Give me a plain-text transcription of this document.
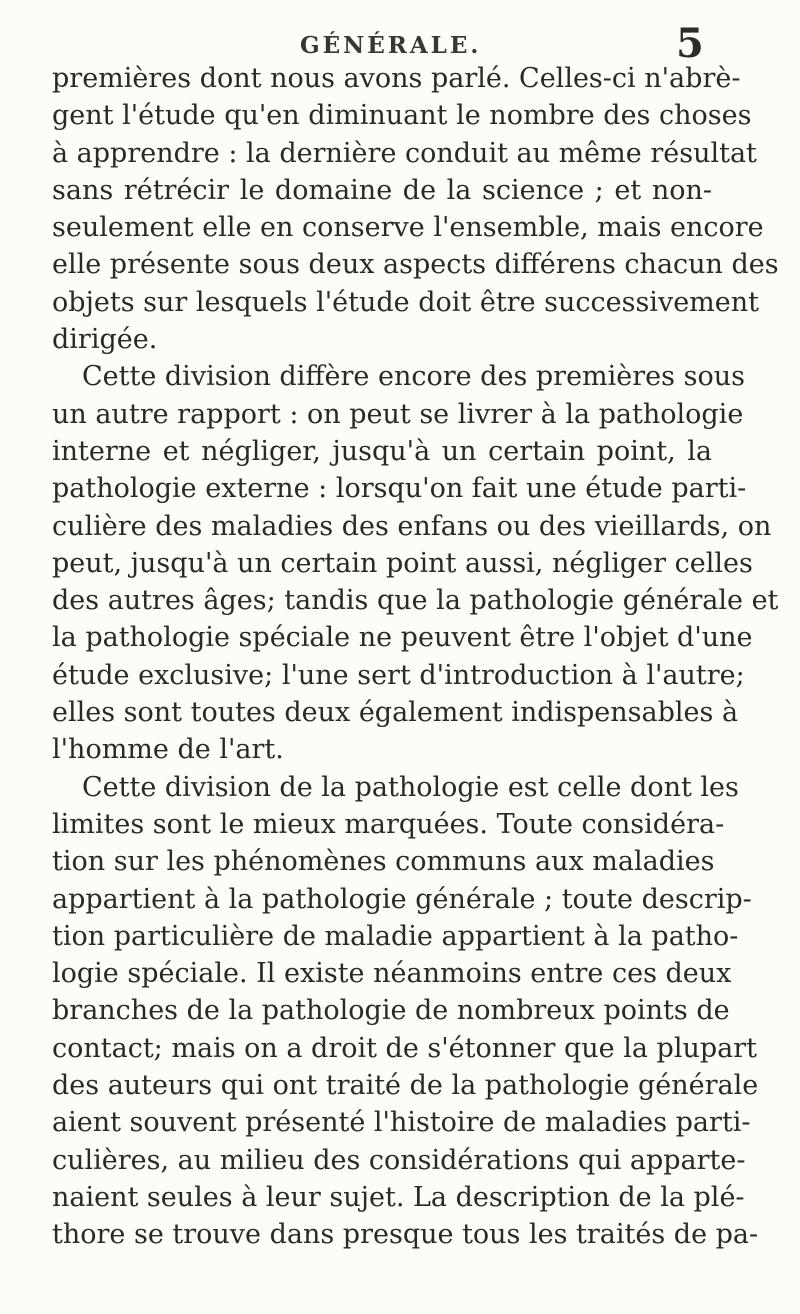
GÉNÉRALE.	5
premières dont nous avons parlé. Celles-ci n'abrè-
gent l'étude qu'en diminuant le nombre des choses
à apprendre : la dernière conduit au même résultat
sans rétrécir le domaine de la science ; et non-
seulement elle en conserve l'ensemble, mais encore
elle présente sous deux aspects différens chacun des
objets sur lesquels l'étude doit être successivement
dirigée.
Cette division diffère encore des premières sous
un autre rapport : on peut se livrer à la pathologie
interne et négliger, jusqu'à un certain point, la
pathologie externe : lorsqu'on fait une étude parti-
culière des maladies des enfans ou des vieillards, on
peut, jusqu'à un certain point aussi, négliger celles
des autres âges; tandis que la pathologie générale et
la pathologie spéciale ne peuvent être l'objet d'une
étude exclusive; l'une sert d'introduction à l'autre;
elles sont toutes deux également indispensables à
l'homme de l'art.
Cette division de la pathologie est celle dont les
limites sont le mieux marquées. Toute considéra-
tion sur les phénomènes communs aux maladies
appartient à la pathologie générale ; toute descrip-
tion particulière de maladie appartient à la patho-
logie spéciale. Il existe néanmoins entre ces deux
branches de la pathologie de nombreux points de
contact; mais on a droit de s'étonner que la plupart
des auteurs qui ont traité de la pathologie générale
aient souvent présenté l'histoire de maladies parti-
culières, au milieu des considérations qui apparte-
naient seules à leur sujet. La description de la plé-
thore se trouve dans presque tous les traités de pa-
